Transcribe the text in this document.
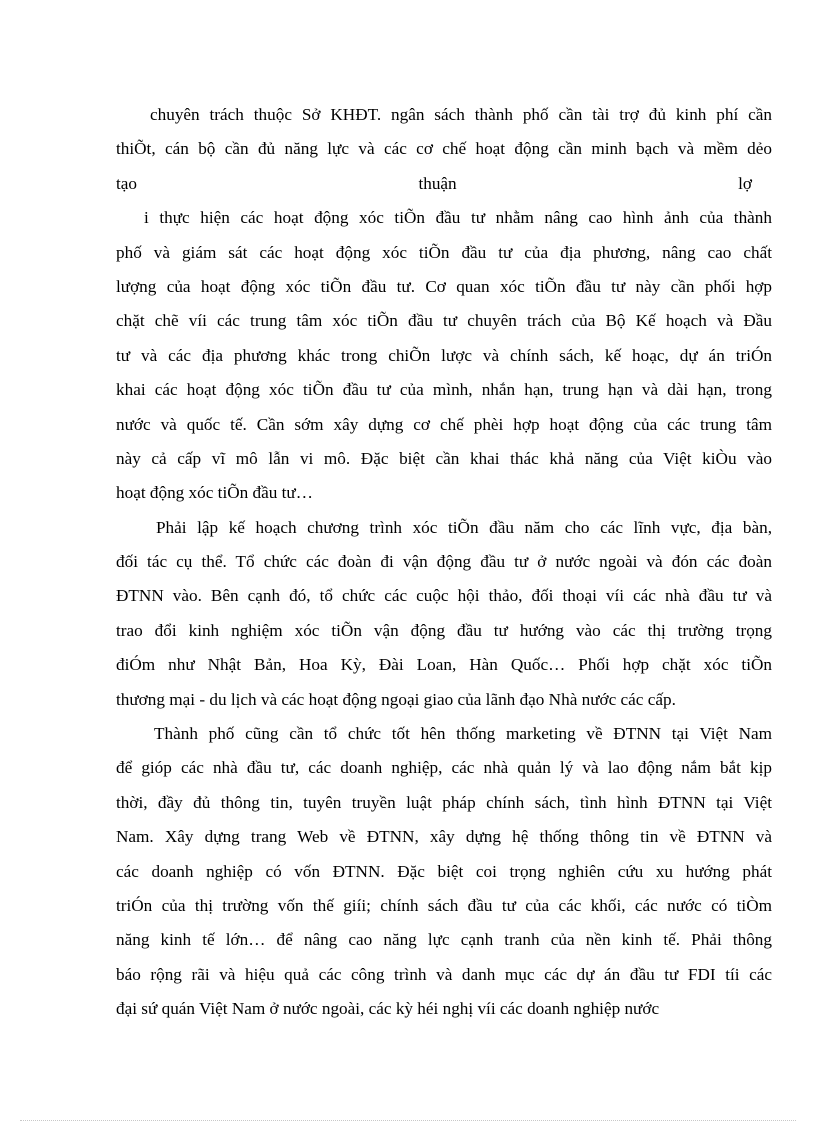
chuyên trách thuộc Sở KHĐT. ngân sách thành phố cần tài trợ đủ kinh phí cần
thiÕt, cán bộ cần đủ năng lực và các cơ chế hoạt động cần minh bạch và mềm dẻo
tạo	thuận	lợ
i thực hiện các hoạt động xóc tiÕn đầu tư nhằm nâng cao hình ảnh của thành
phố và giám sát các hoạt động xóc tiÕn đầu tư của địa phương, nâng cao chất
lượng của hoạt động xóc tiÕn đầu tư. Cơ quan xóc tiÕn đầu tư này cần phối hợp
chặt chẽ víi các trung tâm xóc tiÕn đầu tư chuyên trách của Bộ Kế hoạch và Đầu
tư và các địa phương khác trong chiÕn lược và chính sách, kế hoạc, dự án triÓn
khai các hoạt động xóc tiÕn đầu tư của mình, nhắn hạn, trung hạn và dài hạn, trong
nước và quốc tế. Cần sớm xây dựng cơ chế phèi hợp hoạt động của các trung tâm
này cả cấp vĩ mô lẫn vi mô. Đặc biệt cần khai thác khả năng của Việt kiÒu vào
hoạt động xóc tiÕn đầu tư…
Phải lập kế hoạch chương trình xóc tiÕn đầu năm cho các lĩnh vực, địa bàn,
đối tác cụ thể. Tổ chức các đoàn đi vận động đầu tư ở nước ngoài và đón các đoàn
ĐTNN vào. Bên cạnh đó, tổ chức các cuộc hội thảo, đối thoại víi các nhà đầu tư và
trao đổi kinh nghiệm xóc tiÕn vận động đầu tư hướng vào các thị trường trọng
điÓm như Nhật Bản, Hoa Kỳ, Đài Loan, Hàn Quốc… Phối hợp chặt xóc tiÕn
thương mại - du lịch và các hoạt động ngoại giao của lãnh đạo Nhà nước các cấp.
Thành phố cũng cần tổ chức tốt hên thống marketing về ĐTNN tại Việt Nam
để gióp các nhà đầu tư, các doanh nghiệp, các nhà quản lý và lao động nắm bắt kịp
thời, đầy đủ thông tin, tuyên truyền luật pháp chính sách, tình hình ĐTNN tại Việt
Nam. Xây dựng trang Web về ĐTNN, xây dựng hệ thống thông tin về ĐTNN và
các doanh nghiệp có vốn ĐTNN. Đặc biệt coi trọng nghiên cứu xu hướng phát
triÓn của thị trường vốn thế giíi; chính sách đầu tư của các khối, các nước có tiÒm
năng kinh tế lớn… để nâng cao năng lực cạnh tranh của nền kinh tế. Phải thông
báo rộng rãi và hiệu quả các công trình và danh mục các dự án đầu tư FDI tíi các
đại sứ quán Việt Nam ở nước ngoài, các kỳ héi nghị víi các doanh nghiệp nước
